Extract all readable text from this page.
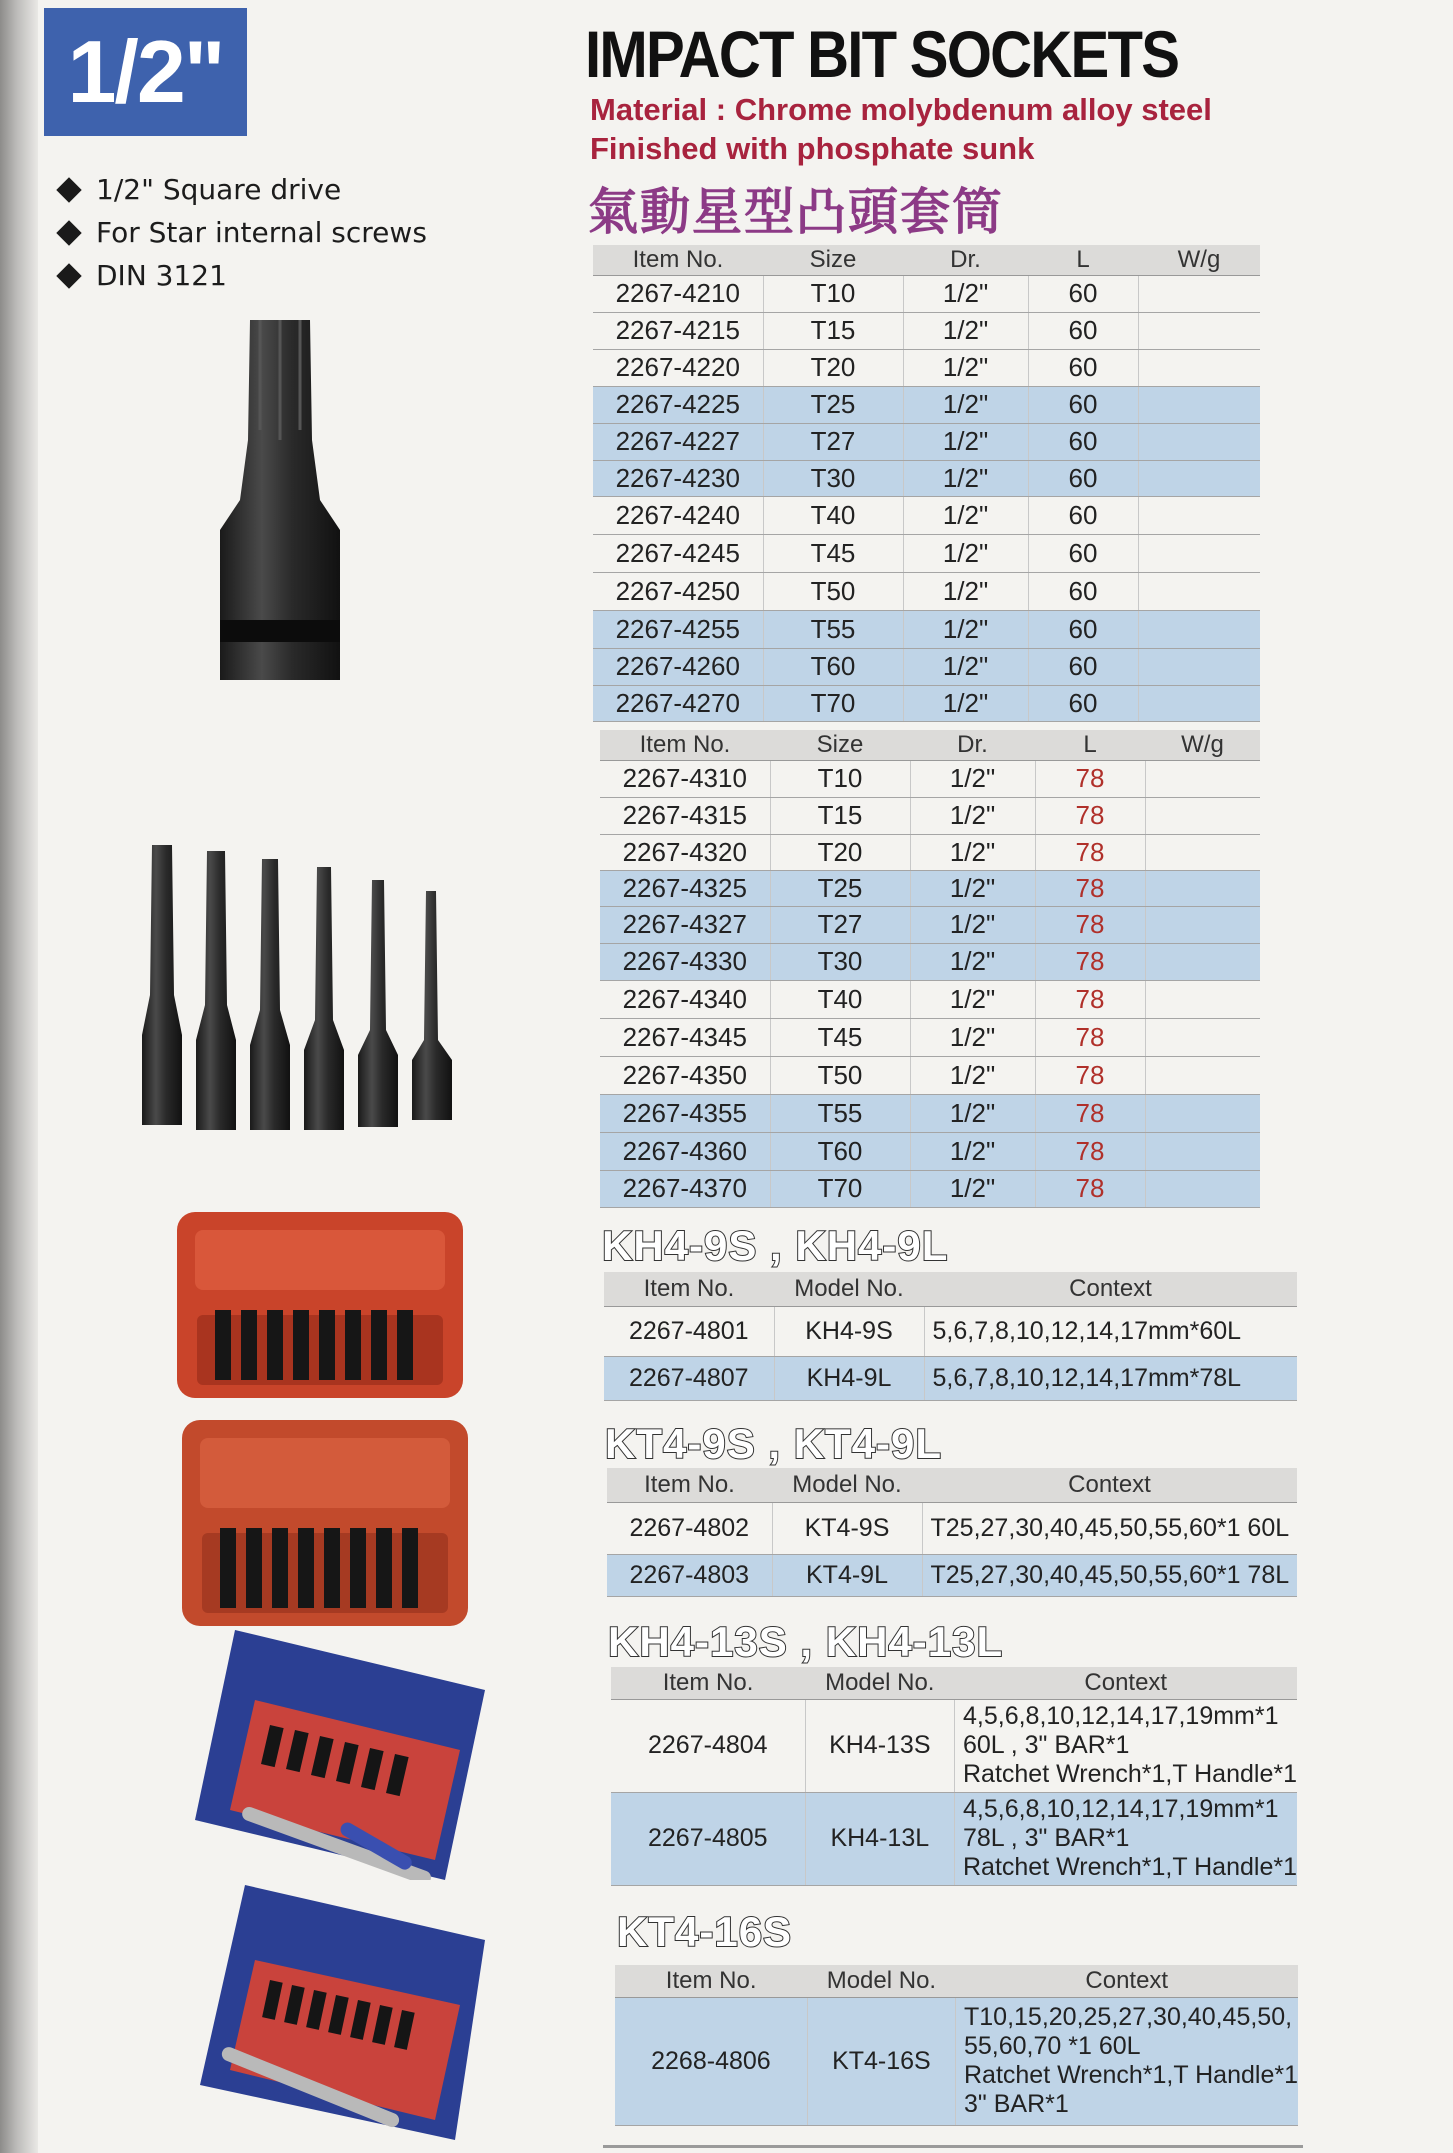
1/2"	IMPACT BIT SOCKETS
Material : Chrome molybdenum alloy steel
Finished with phosphate sunk
氣動星型凸頭套筒
1/2" Square drive
For Star internal screws
DIN 3121	Item No.	Size	Dr.	L	W/g
2267-4210	T10	1/2"	60	
2267-4215	T15	1/2"	60	
2267-4220	T20	1/2"	60	
2267-4225	T25	1/2"	60	
2267-4227	T27	1/2"	60	
2267-4230	T30	1/2"	60	
2267-4240	T40	1/2"	60	
2267-4245	T45	1/2"	60	
2267-4250	T50	1/2"	60	
2267-4255	T55	1/2"	60	
2267-4260	T60	1/2"	60	
2267-4270	T70	1/2"	60	
Item No.	Size	Dr.	L	W/g
2267-4310	T10	1/2"	78	
2267-4315	T15	1/2"	78	
2267-4320	T20	1/2"	78	
2267-4325	T25	1/2"	78	
2267-4327	T27	1/2"	78	
2267-4330	T30	1/2"	78	
2267-4340	T40	1/2"	78	
2267-4345	T45	1/2"	78	
2267-4350	T50	1/2"	78	
2267-4355	T55	1/2"	78	
2267-4360	T60	1/2"	78	
2267-4370	T70	1/2"	78	
KH4-9S , KH4-9L
Item No.	Model No.	Context
2267-4801	KH4-9S	5,6,7,8,10,12,14,17mm*60L
2267-4807	KH4-9L	5,6,7,8,10,12,14,17mm*78L
KT4-9S , KT4-9L
Item No.	Model No.	Context
2267-4802	KT4-9S	T25,27,30,40,45,50,55,60*1 60L
2267-4803	KT4-9L	T25,27,30,40,45,50,55,60*1 78L
KH4-13S , KH4-13L
Item No.	Model No.	Context
2267-4804	KH4-13S	4,5,6,8,10,12,14,17,19mm*1
60L , 3" BAR*1
Ratchet Wrench*1,T Handle*1

2267-4805	KH4-13L	4,5,6,8,10,12,14,17,19mm*1
78L , 3" BAR*1
Ratchet Wrench*1,T Handle*1
KT4-16S
Item No.	Model No.	Context
2268-4806	KT4-16S	T10,15,20,25,27,30,40,45,50,
55,60,70 *1 60L
Ratchet Wrench*1,T Handle*1
3" BAR*1
